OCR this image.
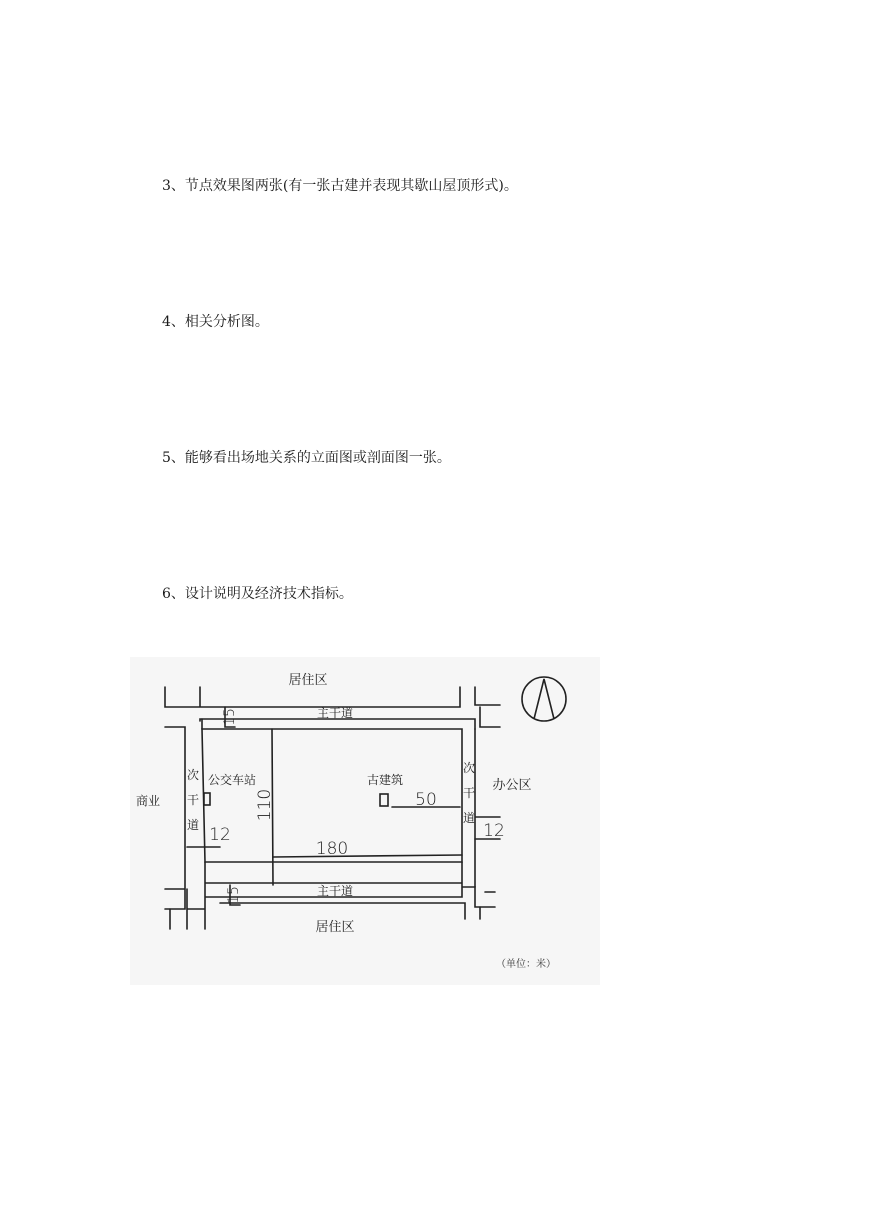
3、节点效果图两张(有一张古建并表现其歇山屋顶形式)。

4、相关分析图。

5、能够看出场地关系的立面图或剖面图一张。

6、设计说明及经济技术指标。

居住区
主干道
商业
办公区
公交车站	古建筑
主干道
居住区
次
干
道
次
干
道
180
110	50
12	12
15
15
（单位：米）
